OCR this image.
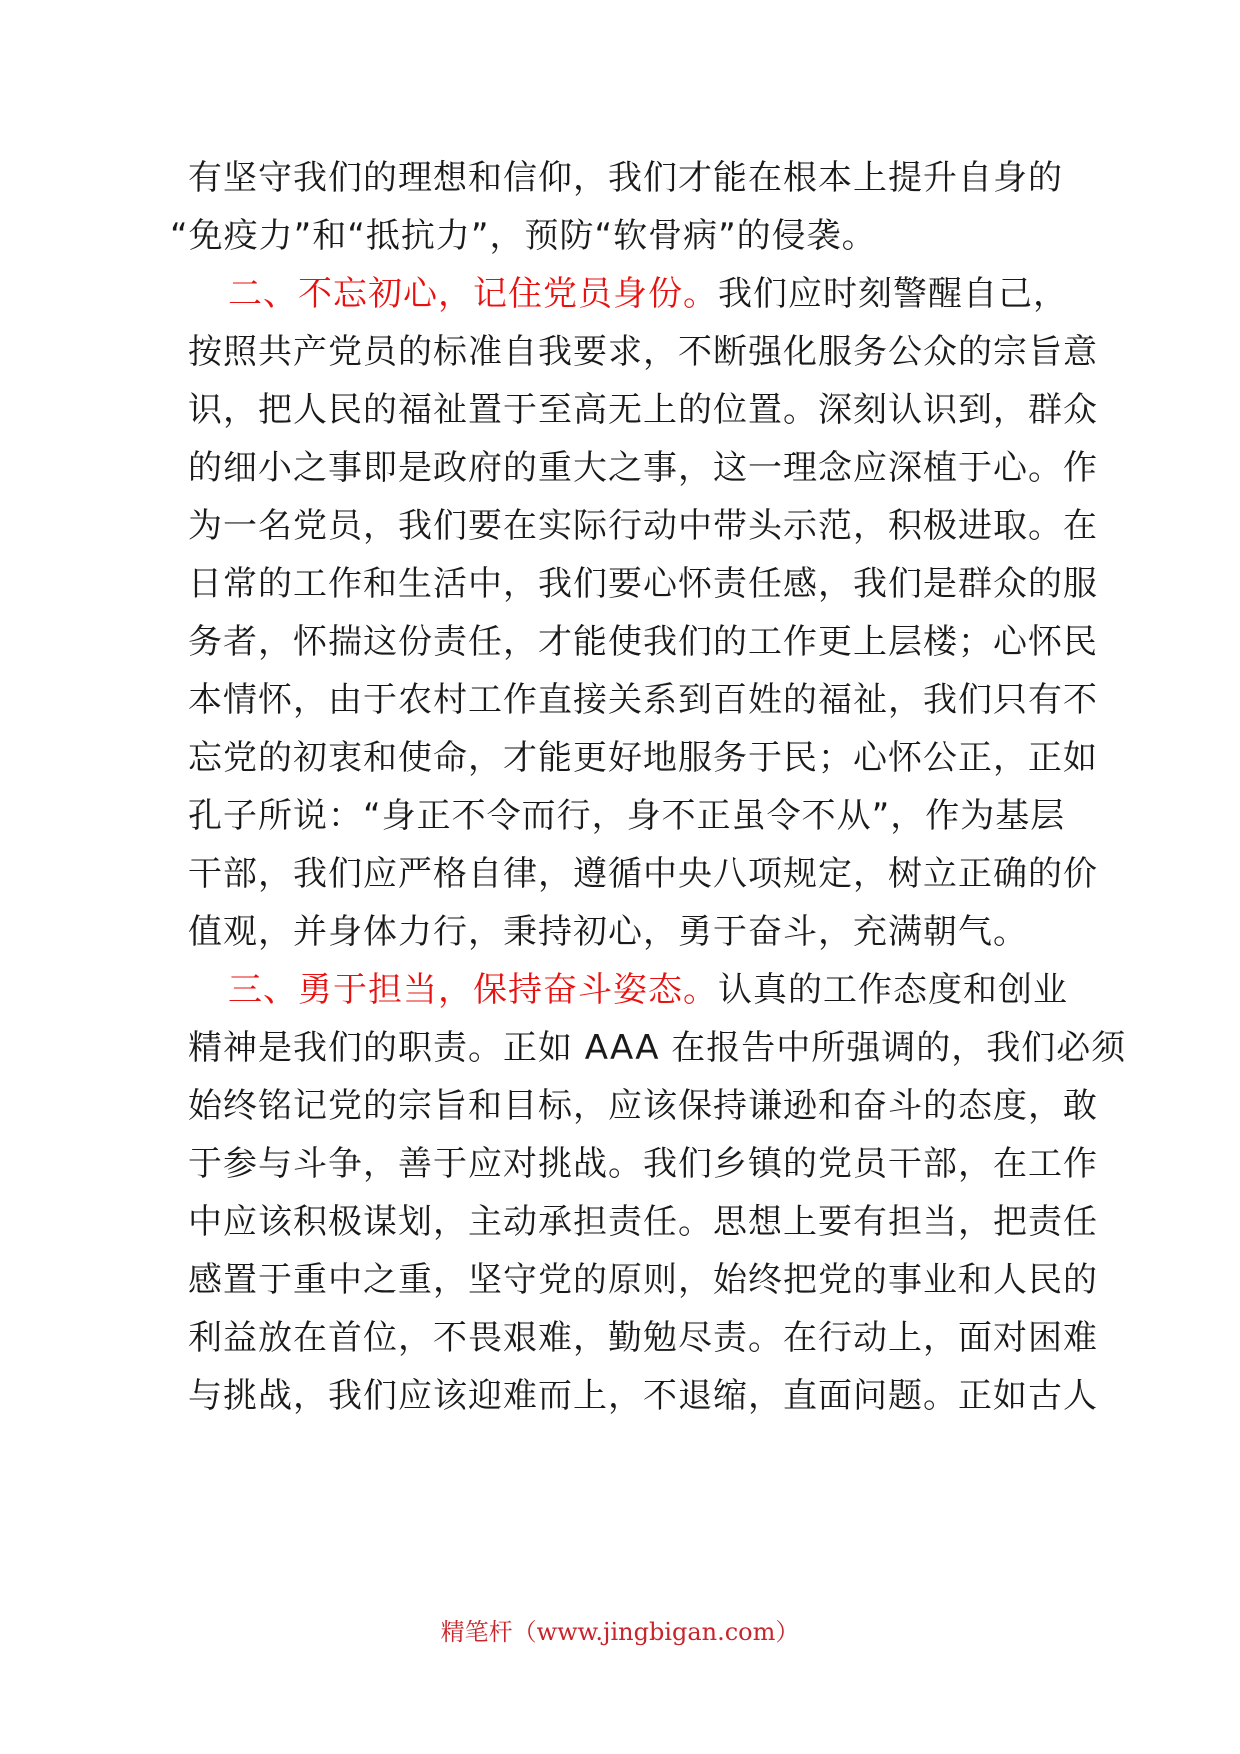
有坚守我们的理想和信仰，我们才能在根本上提升自身的
“免疫力”和“抵抗力”，预防“软骨病”的侵袭。
二、不忘初心，记住党员身份。我们应时刻警醒自己，
按照共产党员的标准自我要求，不断强化服务公众的宗旨意
识，把人民的福祉置于至高无上的位置。深刻认识到，群众
的细小之事即是政府的重大之事，这一理念应深植于心。作
为一名党员，我们要在实际行动中带头示范，积极进取。在
日常的工作和生活中，我们要心怀责任感，我们是群众的服
务者，怀揣这份责任，才能使我们的工作更上层楼；心怀民
本情怀，由于农村工作直接关系到百姓的福祉，我们只有不
忘党的初衷和使命，才能更好地服务于民；心怀公正，正如
孔子所说：“身正不令而行，身不正虽令不从”，作为基层
干部，我们应严格自律，遵循中央八项规定，树立正确的价
值观，并身体力行，秉持初心，勇于奋斗，充满朝气。
三、勇于担当，保持奋斗姿态。认真的工作态度和创业
精神是我们的职责。正如 AAA 在报告中所强调的，我们必须
始终铭记党的宗旨和目标，应该保持谦逊和奋斗的态度，敢
于参与斗争，善于应对挑战。我们乡镇的党员干部，在工作
中应该积极谋划，主动承担责任。思想上要有担当，把责任
感置于重中之重，坚守党的原则，始终把党的事业和人民的
利益放在首位，不畏艰难，勤勉尽责。在行动上，面对困难
与挑战，我们应该迎难而上，不退缩，直面问题。正如古人
精笔杆（www.jingbigan.com）
